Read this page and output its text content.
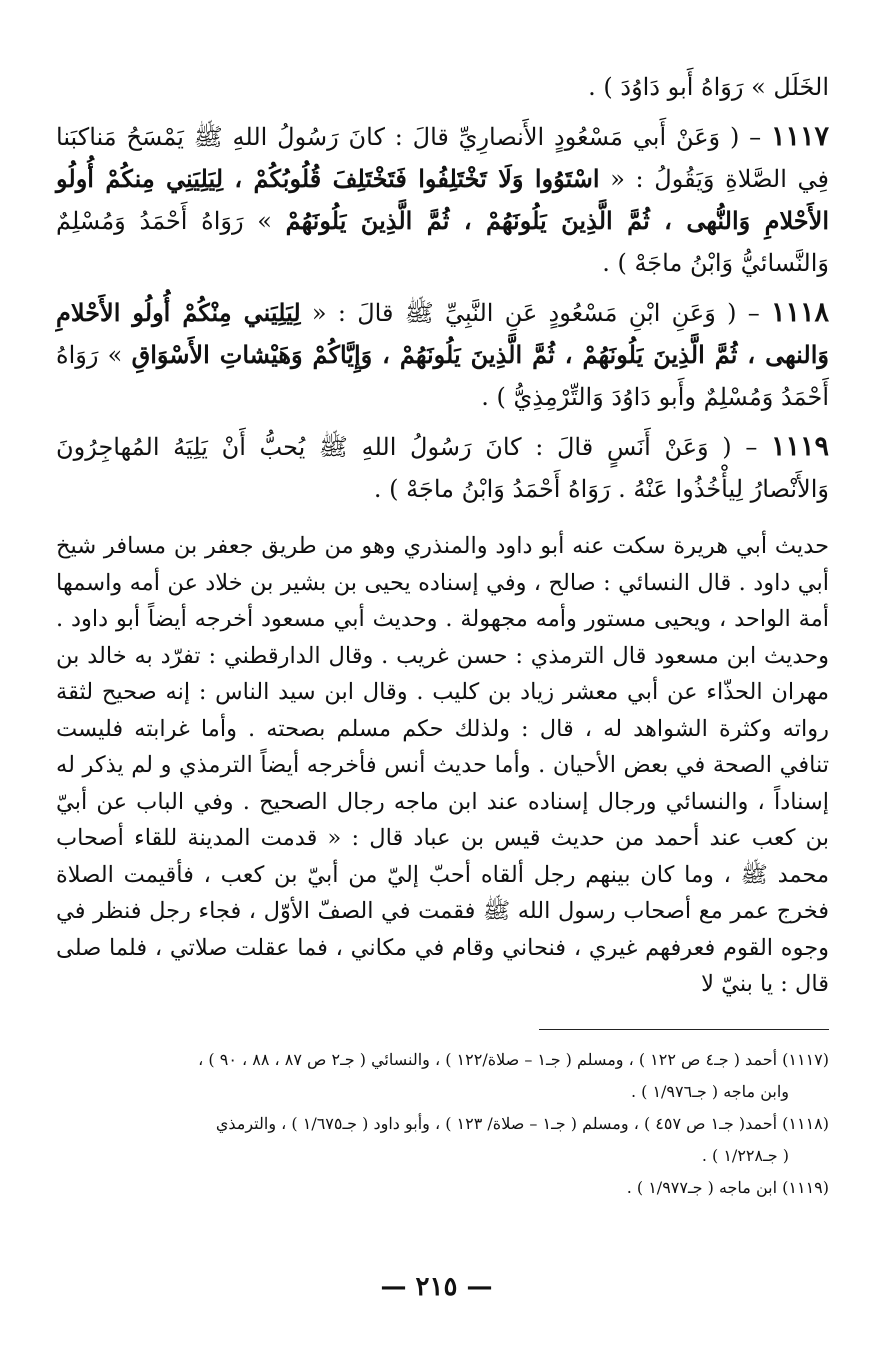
الخَلَل » رَوَاهُ أَبو دَاوُدَ ) .

١١١٧ – ( وَعَنْ أَبي مَسْعُودٍ الأَنصارِيِّ قالَ : كانَ رَسُولُ اللهِ ﷺ يَمْسَحُ مَناكبَنا فِي الصَّلاةِ وَيَقُولُ : « اسْتَوُوا وَلَا تَخْتَلِفُوا فَتَخْتَلِفَ قُلُوبُكُمْ ، لِيَلِيَنِي مِنكُمْ أُولُو الأَحْلامِ وَالنُّهى ، ثُمَّ الَّذِينَ يَلُونَهُمْ ، ثُمَّ الَّذِينَ يَلُونَهُمْ » رَوَاهُ أَحْمَدُ وَمُسْلِمٌ وَالنَّسائيُّ وَابْنُ ماجَهْ ) .

١١١٨ – ( وَعَنِ ابْنِ مَسْعُودٍ عَنِ النَّبِيِّ ﷺ قالَ : « لِيَلِيَني مِنْكُمْ أُولُو الأَحْلامِ وَالنهى ، ثُمَّ الَّذِينَ يَلُونَهُمْ ، ثُمَّ الَّذِينَ يَلُونَهُمْ ، وَإِيَّاكُمْ وَهَيْشاتِ الأَسْوَاقِ » رَوَاهُ أَحْمَدُ وَمُسْلِمٌ وأَبو دَاوُدَ وَالتِّرْمِذِيُّ ) .

١١١٩ – ( وَعَنْ أَنَسٍ قالَ : كانَ رَسُولُ اللهِ ﷺ يُحبُّ أَنْ يَلِيَهُ المُهاجِرُونَ وَالأَنْصارُ لِيأْخُذُوا عَنْهُ . رَوَاهُ أَحْمَدُ وَابْنُ ماجَهْ ) .

حديث أبي هريرة سكت عنه أبو داود والمنذري وهو من طريق جعفر بن مسافر شيخ أبي داود . قال النسائي : صالح ، وفي إسناده يحيى بن بشير بن خلاد عن أمه واسمها أمة الواحد ، ويحيى مستور وأمه مجهولة . وحديث أبي مسعود أخرجه أيضاً أبو داود . وحديث ابن مسعود قال الترمذي : حسن غريب . وقال الدارقطني : تفرّد به خالد بن مهران الحذّاء عن أبي معشر زياد بن كليب . وقال ابن سيد الناس : إنه صحيح لثقة رواته وكثرة الشواهد له ، قال : ولذلك حكم مسلم بصحته . وأما غرابته فليست تنافي الصحة في بعض الأحيان . وأما حديث أنس فأخرجه أيضاً الترمذي و لم يذكر له إسناداً ، والنسائي ورجال إسناده عند ابن ماجه رجال الصحيح . وفي الباب عن أبيّ بن كعب عند أحمد من حديث قيس بن عباد قال : « قدمت المدينة للقاء أصحاب محمد ﷺ ، وما كان بينهم رجل ألقاه أحبّ إليّ من أبيّ بن كعب ، فأقيمت الصلاة فخرج عمر مع أصحاب رسول الله ﷺ فقمت في الصفّ الأوّل ، فجاء رجل فنظر في وجوه القوم فعرفهم غيري ، فنحاني وقام في مكاني ، فما عقلت صلاتي ، فلما صلى قال : يا بنيّ لا

(١١١٧) أحمد ( جـ٤ ص ١٢٢ ) ، ومسلم ( جـ١ – صلاة/١٢٢ ) ، والنسائي ( جـ٢ ص ٨٧ ، ٨٨ ، ٩٠ ) ،
وابن ماجه ( جـ١/٩٧٦ ) .

(١١١٨) أحمد( جـ١ ص ٤٥٧ ) ، ومسلم ( جـ١ – صلاة/ ١٢٣ ) ، وأبو داود ( جـ١/٦٧٥ ) ، والترمذي
( جـ١/٢٢٨ ) .

(١١١٩) ابن ماجه ( جـ١/٩٧٧ ) .

— ٢١٥ —
